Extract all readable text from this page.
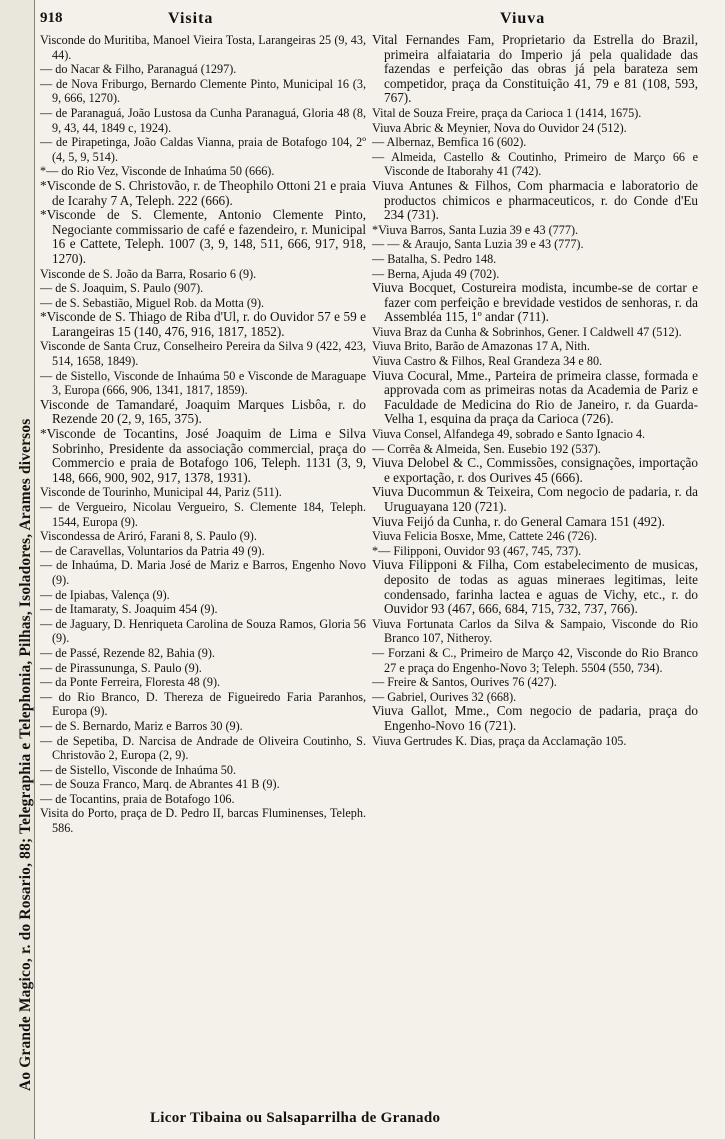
Ao Grande Magico, r. do Rosario, 88; Telegraphia e Telephonia, Pilhas, Isoladores, Arames diversos
918	Visita	Viuva

Visconde do Muritiba, Manoel Vieira Tosta, Larangeiras 25 (9, 43, 44).

— do Nacar & Filho, Paranaguá (1297).

— de Nova Friburgo, Bernardo Clemente Pinto, Municipal 16 (3, 9, 666, 1270).

— de Paranaguá, João Lustosa da Cunha Paranaguá, Gloria 48 (8, 9, 43, 44, 1849 c, 1924).

— de Pirapetinga, João Caldas Vianna, praia de Botafogo 104, 2º (4, 5, 9, 514).

*— do Rio Vez, Visconde de Inhaúma 50 (666).

*Visconde de S. Christovão, r. de Theophilo Ottoni 21 e praia de Icarahy 7 A, Teleph. 222 (666).

*Visconde de S. Clemente, Antonio Clemente Pinto, Negociante commissario de café e fazendeiro, r. Municipal 16 e Cattete, Teleph. 1007 (3, 9, 148, 511, 666, 917, 918, 1270).

Visconde de S. João da Barra, Rosario 6 (9).

— de S. Joaquim, S. Paulo (907).

— de S. Sebastião, Miguel Rob. da Motta (9).

*Visconde de S. Thiago de Riba d'Ul, r. do Ouvidor 57 e 59 e Larangeiras 15 (140, 476, 916, 1817, 1852).

Visconde de Santa Cruz, Conselheiro Pereira da Silva 9 (422, 423, 514, 1658, 1849).

— de Sistello, Visconde de Inhaúma 50 e Visconde de Maraguape 3, Europa (666, 906, 1341, 1817, 1859).

Visconde de Tamandaré, Joaquim Marques Lisbôa, r. do Rezende 20 (2, 9, 165, 375).

*Visconde de Tocantins, José Joaquim de Lima e Silva Sobrinho, Presidente da associação commercial, praça do Commercio e praia de Botafogo 106, Teleph. 1131 (3, 9, 148, 666, 900, 902, 917, 1378, 1931).

Visconde de Tourinho, Municipal 44, Pariz (511).

— de Vergueiro, Nicolau Vergueiro, S. Clemente 184, Teleph. 1544, Europa (9).

Viscondessa de Ariró, Farani 8, S. Paulo (9).

— de Caravellas, Voluntarios da Patria 49 (9).

— de Inhaúma, D. Maria José de Mariz e Barros, Engenho Novo (9).

— de Ipiabas, Valença (9).

— de Itamaraty, S. Joaquim 454 (9).

— de Jaguary, D. Henriqueta Carolina de Souza Ramos, Gloria 56 (9).

— de Passé, Rezende 82, Bahia (9).

— de Pirassununga, S. Paulo (9).

— da Ponte Ferreira, Floresta 48 (9).

— do Rio Branco, D. Thereza de Figueiredo Faria Paranhos, Europa (9).

— de S. Bernardo, Mariz e Barros 30 (9).

— de Sepetiba, D. Narcisa de Andrade de Oliveira Coutinho, S. Christovão 2, Europa (2, 9).

— de Sistello, Visconde de Inhaúma 50.

— de Souza Franco, Marq. de Abrantes 41 B (9).

— de Tocantins, praia de Botafogo 106.

Visita do Porto, praça de D. Pedro II, barcas Fluminenses, Teleph. 586.

Vital Fernandes Fam, Proprietario da Estrella do Brazil, primeira alfaiataria do Imperio já pela qualidade das fazendas e perfeição das obras já pela barateza sem competidor, praça da Constituição 41, 79 e 81 (108, 593, 767).

Vital de Souza Freire, praça da Carioca 1 (1414, 1675).

Viuva Abric & Meynier, Nova do Ouvidor 24 (512).

— Albernaz, Bemfica 16 (602).

— Almeida, Castello & Coutinho, Primeiro de Março 66 e Visconde de Itaborahy 41 (742).

Viuva Antunes & Filhos, Com pharmacia e laboratorio de productos chimicos e pharmaceuticos, r. do Conde d'Eu 234 (731).

*Viuva Barros, Santa Luzia 39 e 43 (777).

— — & Araujo, Santa Luzia 39 e 43 (777).

— Batalha, S. Pedro 148.

— Berna, Ajuda 49 (702).

Viuva Bocquet, Costureira modista, incumbe-se de cortar e fazer com perfeição e brevidade vestidos de senhoras, r. da Assembléa 115, 1º andar (711).

Viuva Braz da Cunha & Sobrinhos, Gener. I Caldwell 47 (512).

Viuva Brito, Barão de Amazonas 17 A, Nith.

Viuva Castro & Filhos, Real Grandeza 34 e 80.

Viuva Cocural, Mme., Parteira de primeira classe, formada e approvada com as primeiras notas da Academia de Pariz e Faculdade de Medicina do Rio de Janeiro, r. da Guarda-Velha 1, esquina da praça da Carioca (726).

Viuva Consel, Alfandega 49, sobrado e Santo Ignacio 4.

— Corrêa & Almeida, Sen. Eusebio 192 (537).

Viuva Delobel & C., Commissões, consignações, importação e exportação, r. dos Ourives 45 (666).

Viuva Ducommun & Teixeira, Com negocio de padaria, r. da Uruguayana 120 (721).

Viuva Feijó da Cunha, r. do General Camara 151 (492).

Viuva Felicia Bosxe, Mme, Cattete 246 (726).

*— Filipponi, Ouvidor 93 (467, 745, 737).

Viuva Filipponi & Filha, Com estabelecimento de musicas, deposito de todas as aguas mineraes legitimas, leite condensado, farinha lactea e aguas de Vichy, etc., r. do Ouvidor 93 (467, 666, 684, 715, 732, 737, 766).

Viuva Fortunata Carlos da Silva & Sampaio, Visconde do Rio Branco 107, Nitheroy.

— Forzani & C., Primeiro de Março 42, Visconde do Rio Branco 27 e praça do Engenho-Novo 3; Teleph. 5504 (550, 734).

— Freire & Santos, Ourives 76 (427).

— Gabriel, Ourives 32 (668).

Viuva Gallot, Mme., Com negocio de padaria, praça do Engenho-Novo 16 (721).

Viuva Gertrudes K. Dias, praça da Acclamação 105.

Licor Tibaina ou Salsaparrilha de Granado
